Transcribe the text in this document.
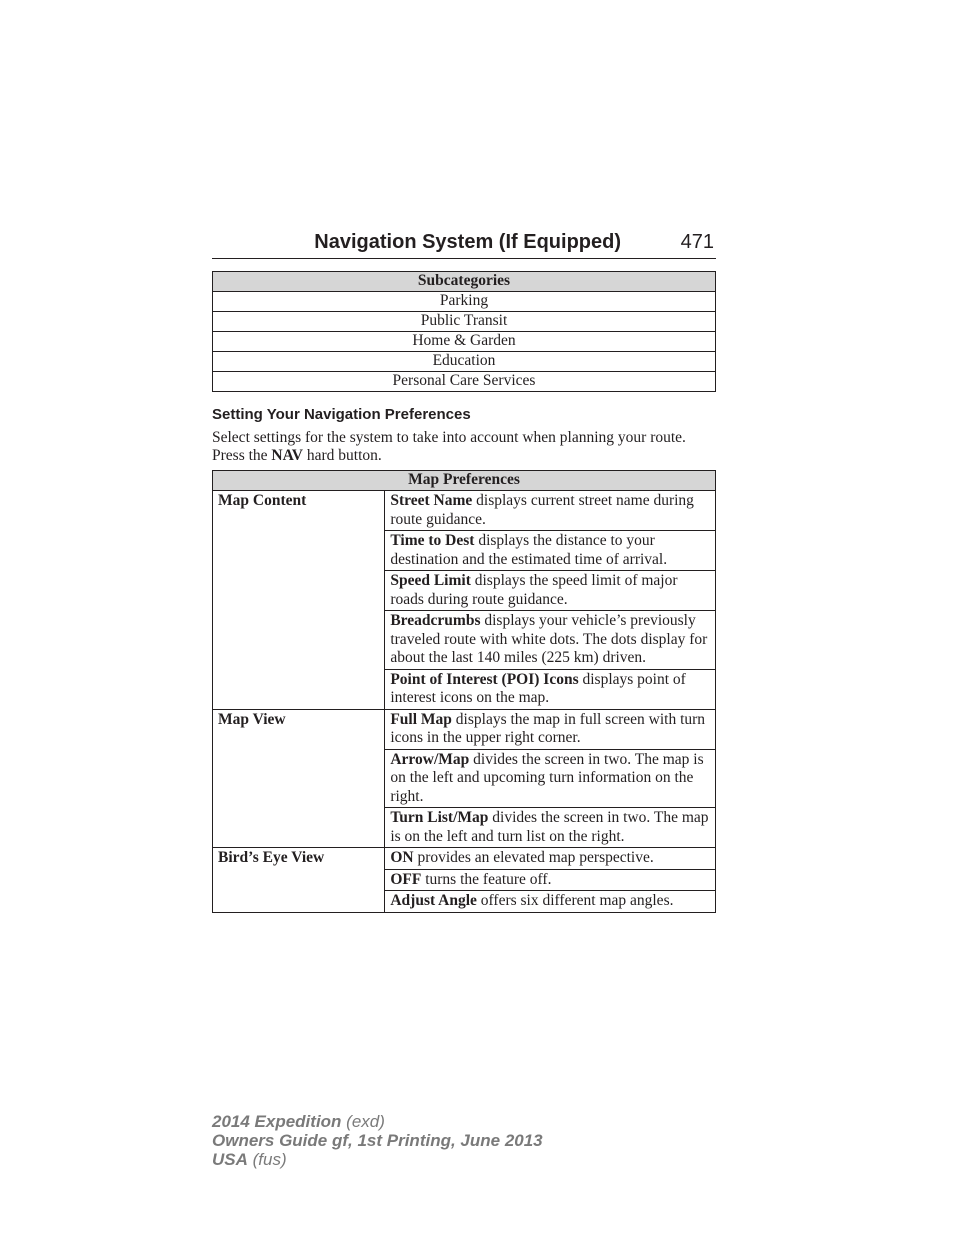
Navigation System (If Equipped)	471
Subcategories
Parking
Public Transit
Home & Garden
Education
Personal Care Services
Setting Your Navigation Preferences
Select settings for the system to take into account when planning your route. Press the NAV hard button.
Map Preferences	
Map Content	Street Name displays current street name during route guidance.
	Time to Dest displays the distance to your destination and the estimated time of arrival.
	Speed Limit displays the speed limit of major roads during route guidance.
	Breadcrumbs displays your vehicle’s previously traveled route with white dots. The dots display for about the last 140 miles (225 km) driven.
	Point of Interest (POI) Icons displays point of interest icons on the map.
Map View	Full Map displays the map in full screen with turn icons in the upper right corner.
	Arrow/Map divides the screen in two. The map is on the left and upcoming turn information on the right.
	Turn List/Map divides the screen in two. The map is on the left and turn list on the right.
Bird’s Eye View	ON provides an elevated map perspective.
	OFF turns the feature off.
	Adjust Angle offers six different map angles.
2014 Expedition (exd)
Owners Guide gf, 1st Printing, June 2013
USA (fus)
